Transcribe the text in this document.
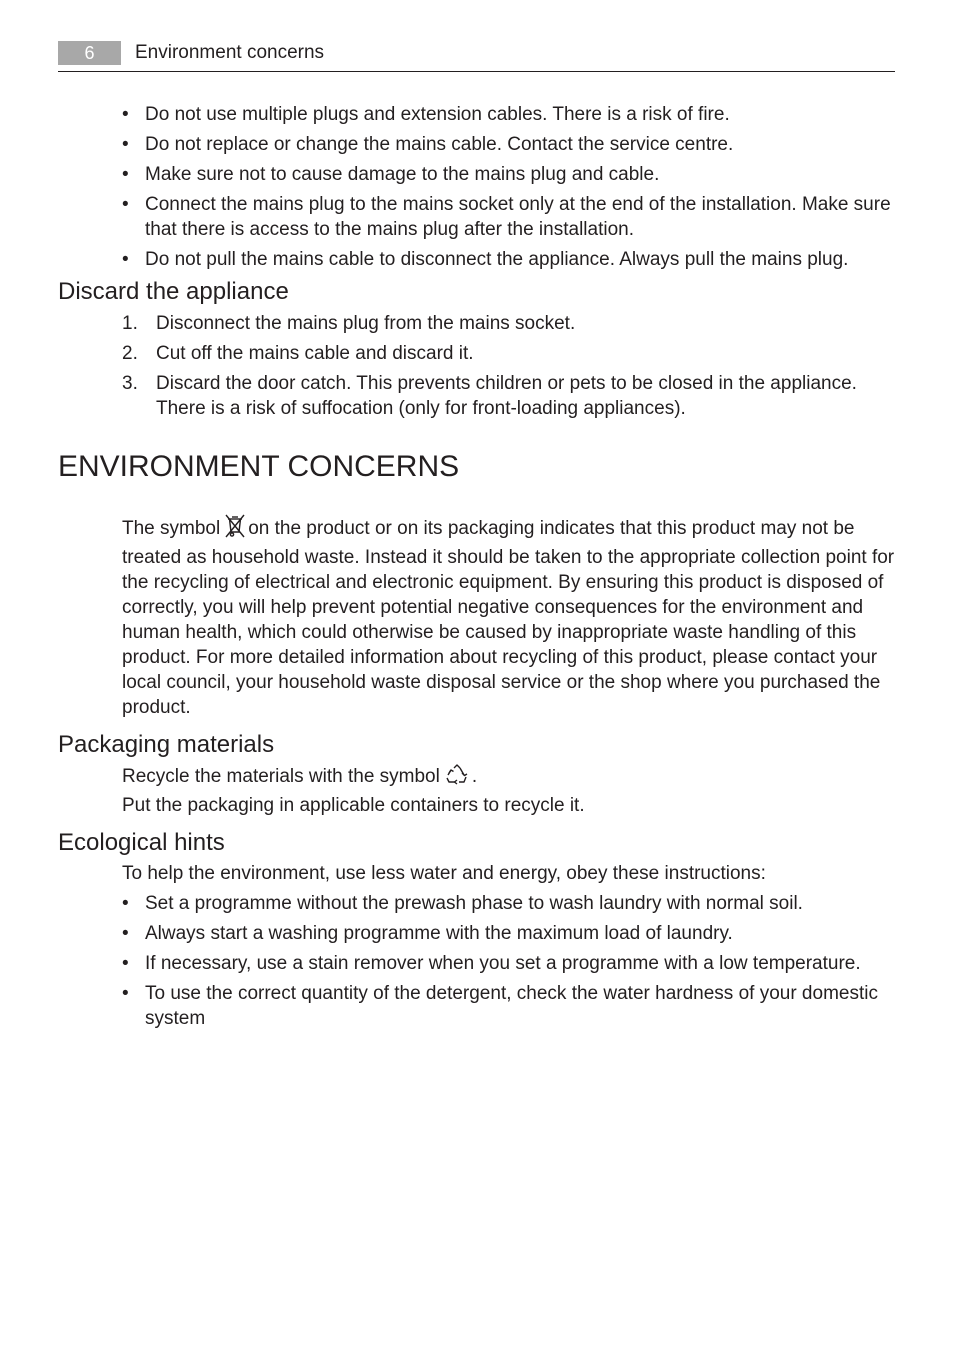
6	Environment concerns
• Do not use multiple plugs and extension cables. There is a risk of fire.
• Do not replace or change the mains cable. Contact the service centre.
• Make sure not to cause damage to the mains plug and cable.
• Connect the mains plug to the mains socket only at the end of the installation. Make sure that there is access to the mains plug after the installation.
• Do not pull the mains cable to disconnect the appliance. Always pull the mains plug.
Discard the appliance
1. Disconnect the mains plug from the mains socket.
2. Cut off the mains cable and discard it.
3. Discard the door catch. This prevents children or pets to be closed in the appliance. There is a risk of suffocation (only for front-loading appliances).
ENVIRONMENT CONCERNS

The symbol on the product or on its packaging indicates that this product may not be treated as household waste. Instead it should be taken to the appropriate collection point for the recycling of electrical and electronic equipment. By ensuring this product is disposed of correctly, you will help prevent potential negative consequences for the environment and human health, which could otherwise be caused by inappropriate waste handling of this product. For more detailed information about recycling of this product, please contact your local council, your household waste disposal service or the shop where you purchased the product.

Packaging materials

Recycle the materials with the symbol .

Put the packaging in applicable containers to recycle it.

Ecological hints

To help the environment, use less water and energy, obey these instructions:

• Set a programme without the prewash phase to wash laundry with normal soil.
• Always start a washing programme with the maximum load of laundry.
• If necessary, use a stain remover when you set a programme with a low temperature.
• To use the correct quantity of the detergent, check the water hardness of your domestic system
